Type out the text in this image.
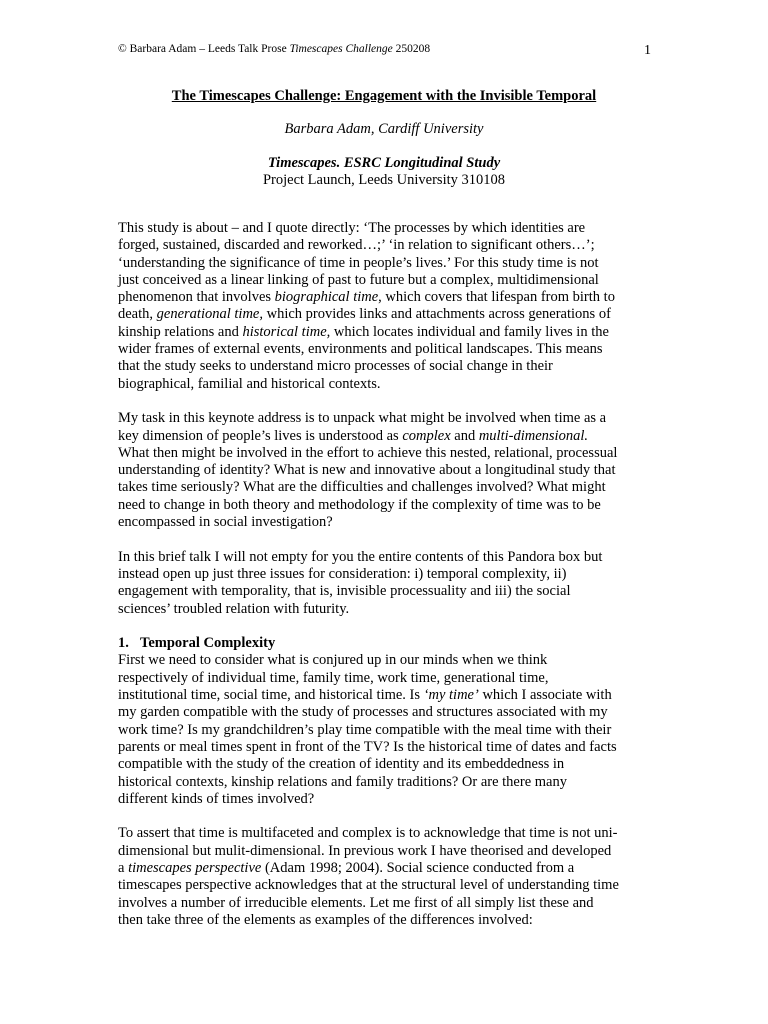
© Barbara Adam – Leeds Talk Prose Timescapes Challenge 250208	1
The Timescapes Challenge: Engagement with the Invisible Temporal
Barbara Adam, Cardiff University
Timescapes. ESRC Longitudinal Study
Project Launch, Leeds University 310108

This study is about – and I quote directly: ‘The processes by which identities are
forged, sustained, discarded and reworked…;’ ‘in relation to significant others…’;
‘understanding the significance of time in people’s lives.’ For this study time is not
just conceived as a linear linking of past to future but a complex, multidimensional
phenomenon that involves biographical time, which covers that lifespan from birth to
death, generational time, which provides links and attachments across generations of
kinship relations and historical time, which locates individual and family lives in the
wider frames of external events, environments and political landscapes. This means
that the study seeks to understand micro processes of social change in their
biographical, familial and historical contexts.

My task in this keynote address is to unpack what might be involved when time as a
key dimension of people’s lives is understood as complex and multi-dimensional.
What then might be involved in the effort to achieve this nested, relational, processual
understanding of identity? What is new and innovative about a longitudinal study that
takes time seriously? What are the difficulties and challenges involved? What might
need to change in both theory and methodology if the complexity of time was to be
encompassed in social investigation?

In this brief talk I will not empty for you the entire contents of this Pandora box but
instead open up just three issues for consideration: i) temporal complexity, ii)
engagement with temporality, that is, invisible processuality and iii) the social
sciences’ troubled relation with futurity.

1. Temporal Complexity
First we need to consider what is conjured up in our minds when we think
respectively of individual time, family time, work time, generational time,
institutional time, social time, and historical time. Is ‘my time’ which I associate with
my garden compatible with the study of processes and structures associated with my
work time? Is my grandchildren’s play time compatible with the meal time with their
parents or meal times spent in front of the TV? Is the historical time of dates and facts
compatible with the study of the creation of identity and its embeddedness in
historical contexts, kinship relations and family traditions? Or are there many
different kinds of times involved?

To assert that time is multifaceted and complex is to acknowledge that time is not uni-
dimensional but mulit-dimensional. In previous work I have theorised and developed
a timescapes perspective (Adam 1998; 2004). Social science conducted from a
timescapes perspective acknowledges that at the structural level of understanding time
involves a number of irreducible elements. Let me first of all simply list these and
then take three of the elements as examples of the differences involved:
